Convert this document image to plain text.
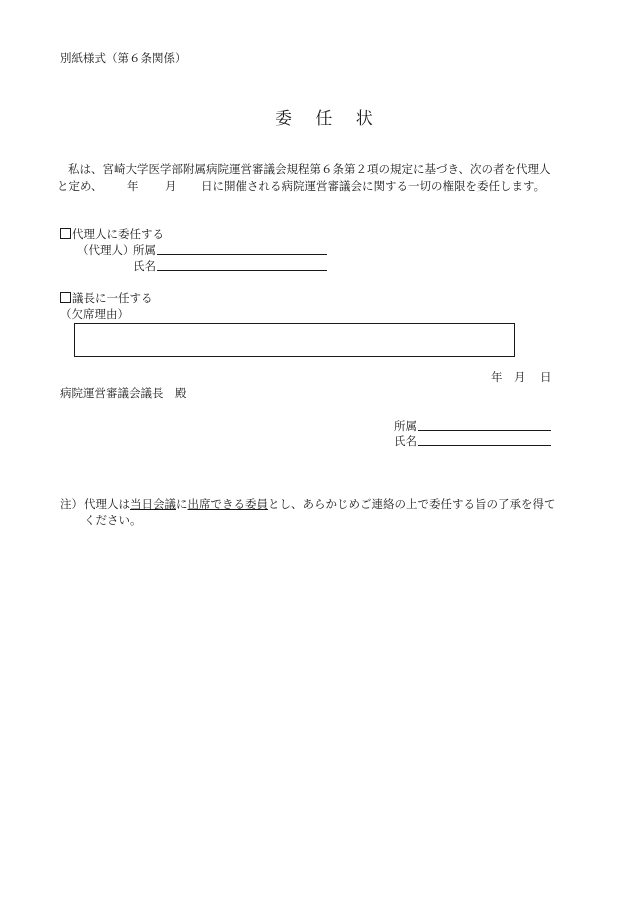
別紙様式（第６条関係）
委 任 状
私は、宮崎大学医学部附属病院運営審議会規程第６条第２項の規定に基づき、次の者を代理人
と定め、 年 月 日に開催される病院運営審議会に関する一切の権限を委任します。
代理人に委任する
（代理人）
所属
氏名
議長に一任する
（欠席理由）
年 月 日
病院運営審議会議長　殿
所属
氏名
注） 代理人は当日会議に出席できる委員とし、あらかじめご連絡の上で委任する旨の了承を得て
ください。
